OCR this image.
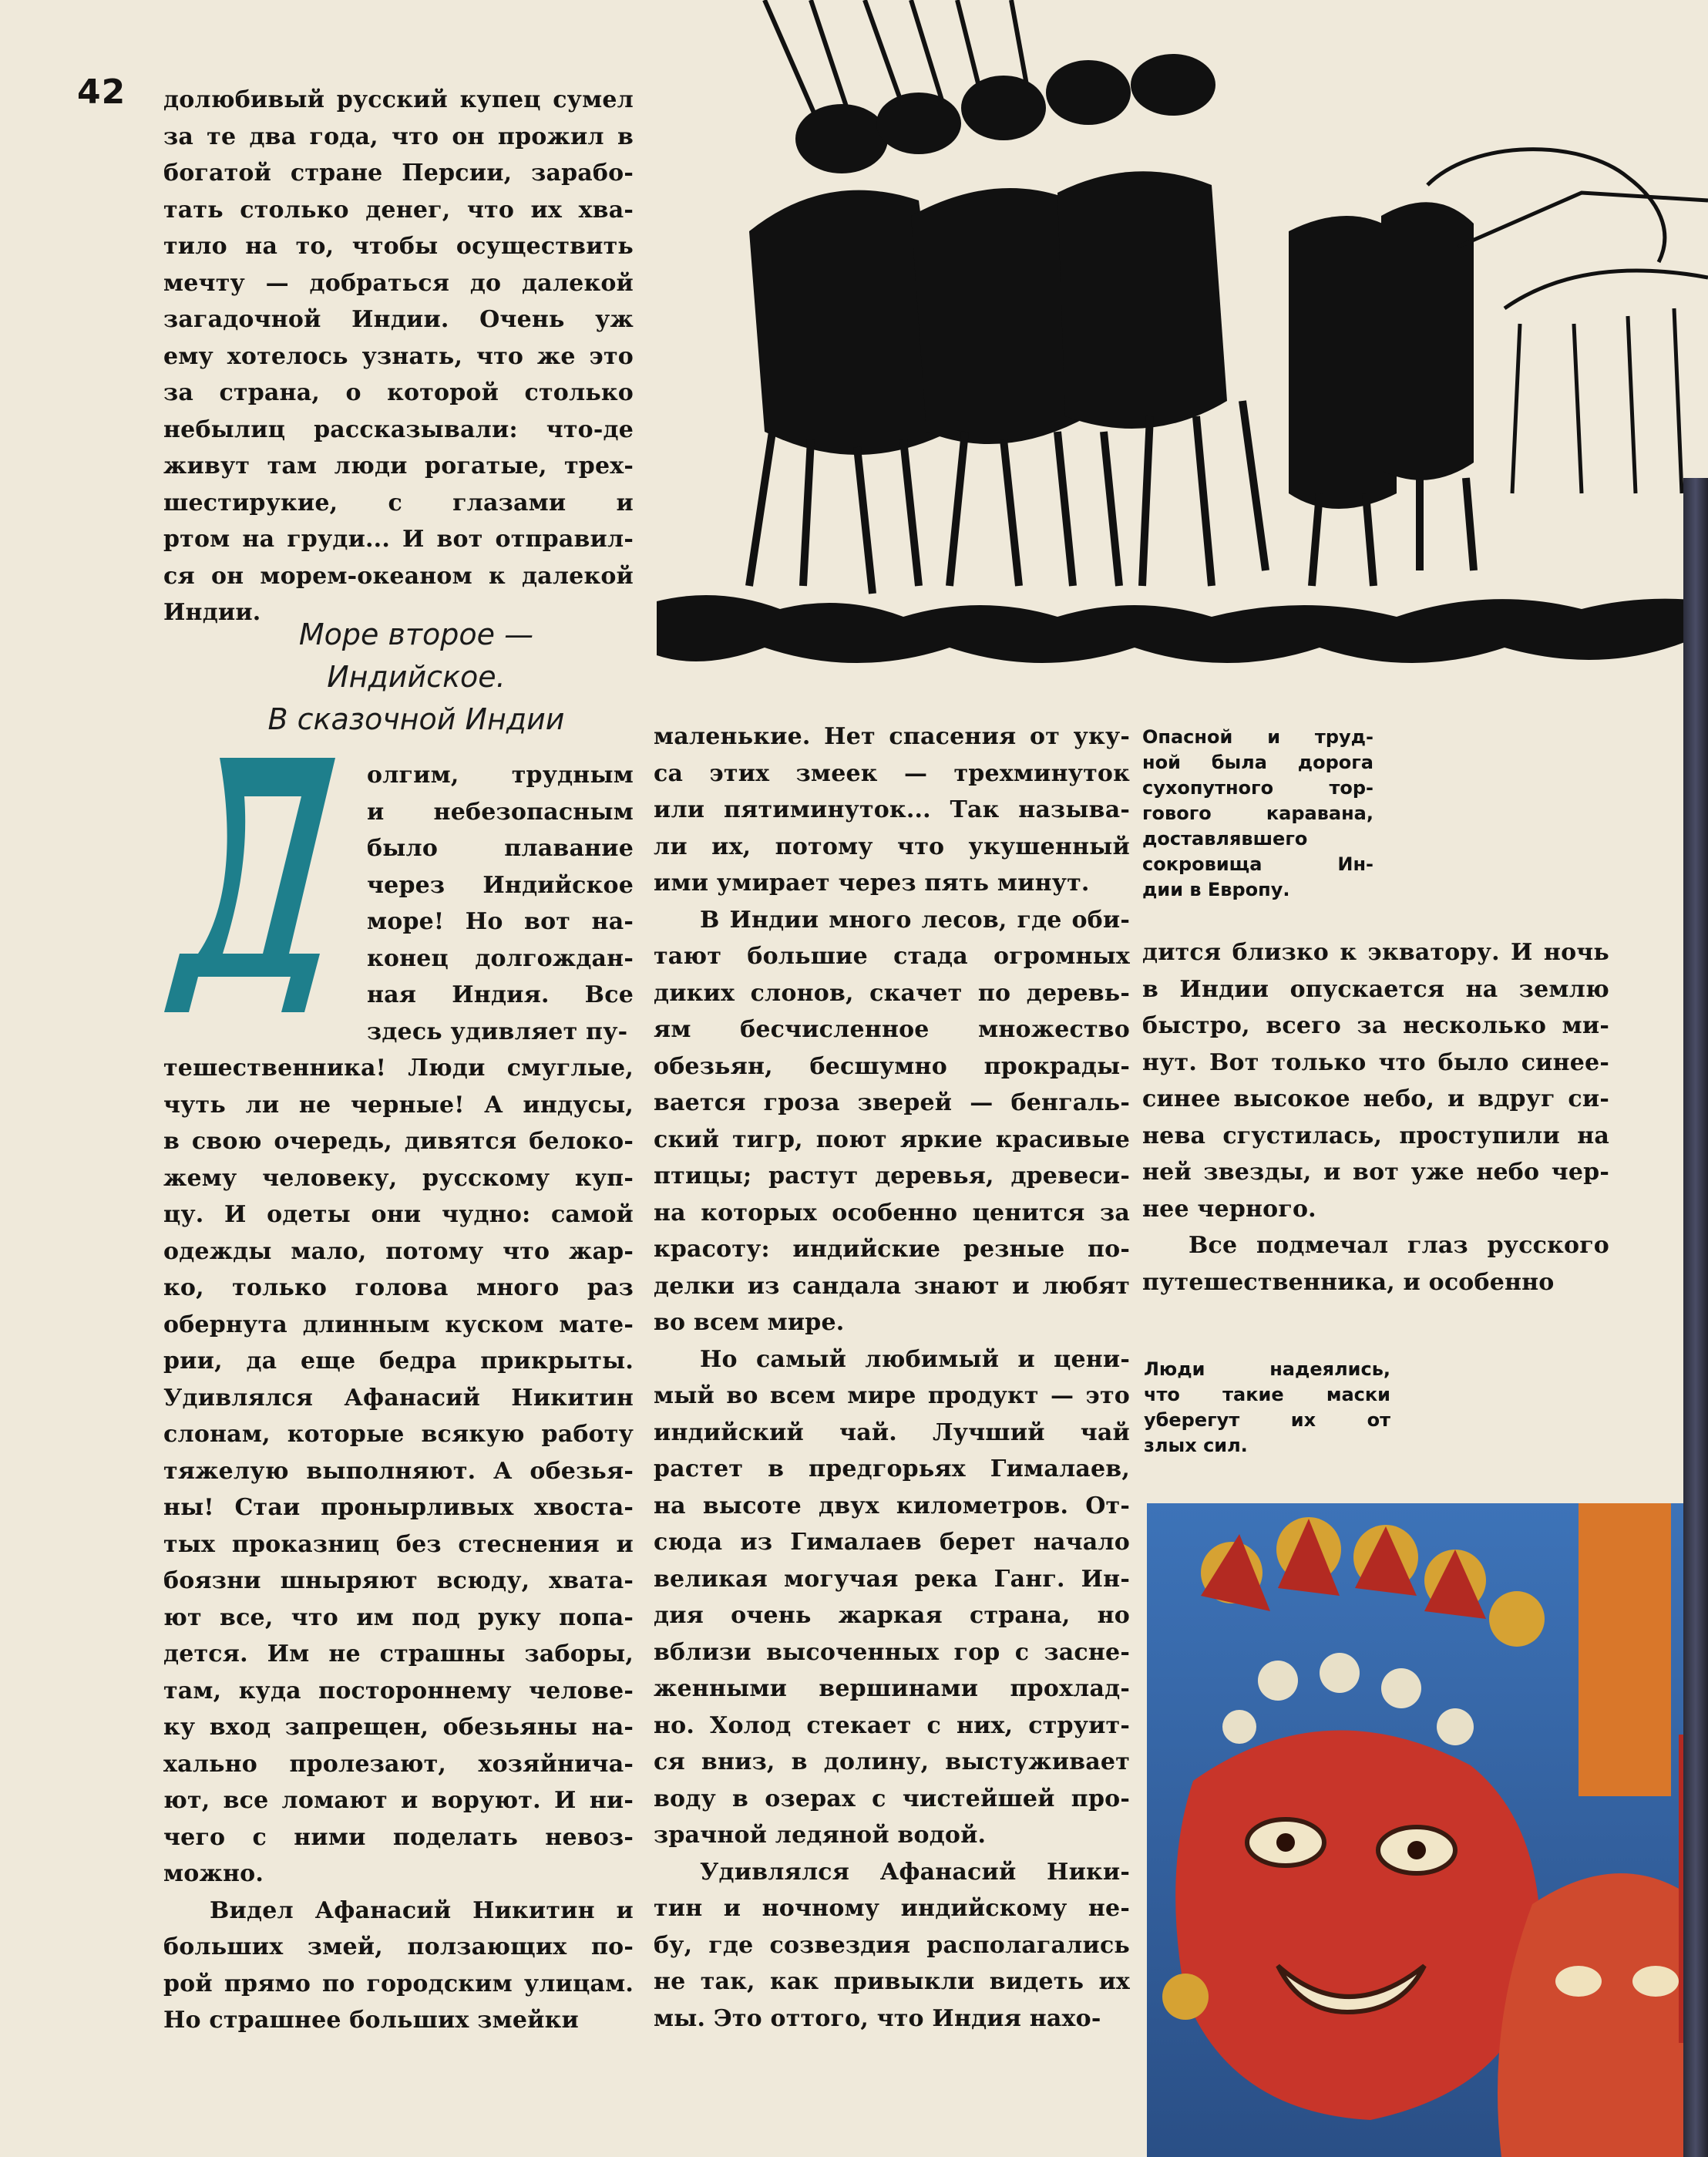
42 долюбивый русский купец сумел
за те два года, что он прожил в
богатой стране Персии, зарабо-
тать столько денег, что их хва-
тило на то, чтобы осуществить
мечту — добраться до далекой
загадочной Индии. Очень уж
ему хотелось узнать, что же это
за страна, о которой столько
небылиц рассказывали: что-де
живут там люди рогатые, трех-
шестирукие, с глазами и
ртом на груди... И вот отправил-
ся он морем-океаном к далекой
Индии.
Море второе —
Индийское.
В сказочной Индии
Д
олгим, трудным
и небезопасным
было плавание
через Индийское
море! Но вот на-
конец долгождан-
ная Индия. Все
здесь удивляет пу-
тешественника! Люди смуглые,
чуть ли не черные! А индусы,
в свою очередь, дивятся белоко-
жему человеку, русскому куп-
цу. И одеты они чудно: самой
одежды мало, потому что жар-
ко, только голова много раз
обернута длинным куском мате-
рии, да еще бедра прикрыты.
Удивлялся Афанасий Никитин
слонам, которые всякую работу
тяжелую выполняют. А обезья-
ны! Стаи пронырливых хвоста-
тых проказниц без стеснения и
боязни шныряют всюду, хвата-
ют все, что им под руку попа-
дется. Им не страшны заборы,
там, куда постороннему челове-
ку вход запрещен, обезьяны на-
хально пролезают, хозяйнича-
ют, все ломают и воруют. И ни-
чего с ними поделать невоз-
можно.
Видел Афанасий Никитин и
больших змей, ползающих по-
рой прямо по городским улицам.
Но страшнее больших змейки
маленькие. Нет спасения от уку-
са этих змеек — трехминуток
или пятиминуток... Так называ-
ли их, потому что укушенный
ими умирает через пять минут.
В Индии много лесов, где оби-
тают большие стада огромных
диких слонов, скачет по деревь-
ям бесчисленное множество
обезьян, бесшумно прокрады-
вается гроза зверей — бенгаль-
ский тигр, поют яркие красивые
птицы; растут деревья, древеси-
на которых особенно ценится за
красоту: индийские резные по-
делки из сандала знают и любят
во всем мире.
Но самый любимый и цени-
мый во всем мире продукт — это
индийский чай. Лучший чай
растет в предгорьях Гималаев,
на высоте двух километров. От-
сюда из Гималаев берет начало
великая могучая река Ганг. Ин-
дия очень жаркая страна, но
вблизи высоченных гор с засне-
женными вершинами прохлад-
но. Холод стекает с них, струит-
ся вниз, в долину, выстуживает
воду в озерах с чистейшей про-
зрачной ледяной водой.
Удивлялся Афанасий Ники-
тин и ночному индийскому не-
бу, где созвездия располагались
не так, как привыкли видеть их
мы. Это оттого, что Индия нахо-
Опасной и труд-
ной была дорога
сухопутного тор-
гового каравана,
доставлявшего
сокровища Ин-
дии в Европу.
дится близко к экватору. И ночь
в Индии опускается на землю
быстро, всего за несколько ми-
нут. Вот только что было синее-
синее высокое небо, и вдруг си-
нева сгустилась, проступили на
ней звезды, и вот уже небо чер-
нее черного.
Все подмечал глаз русского
путешественника, и особенно
Люди надеялись,
что такие маски
уберегут их от
злых сил.
